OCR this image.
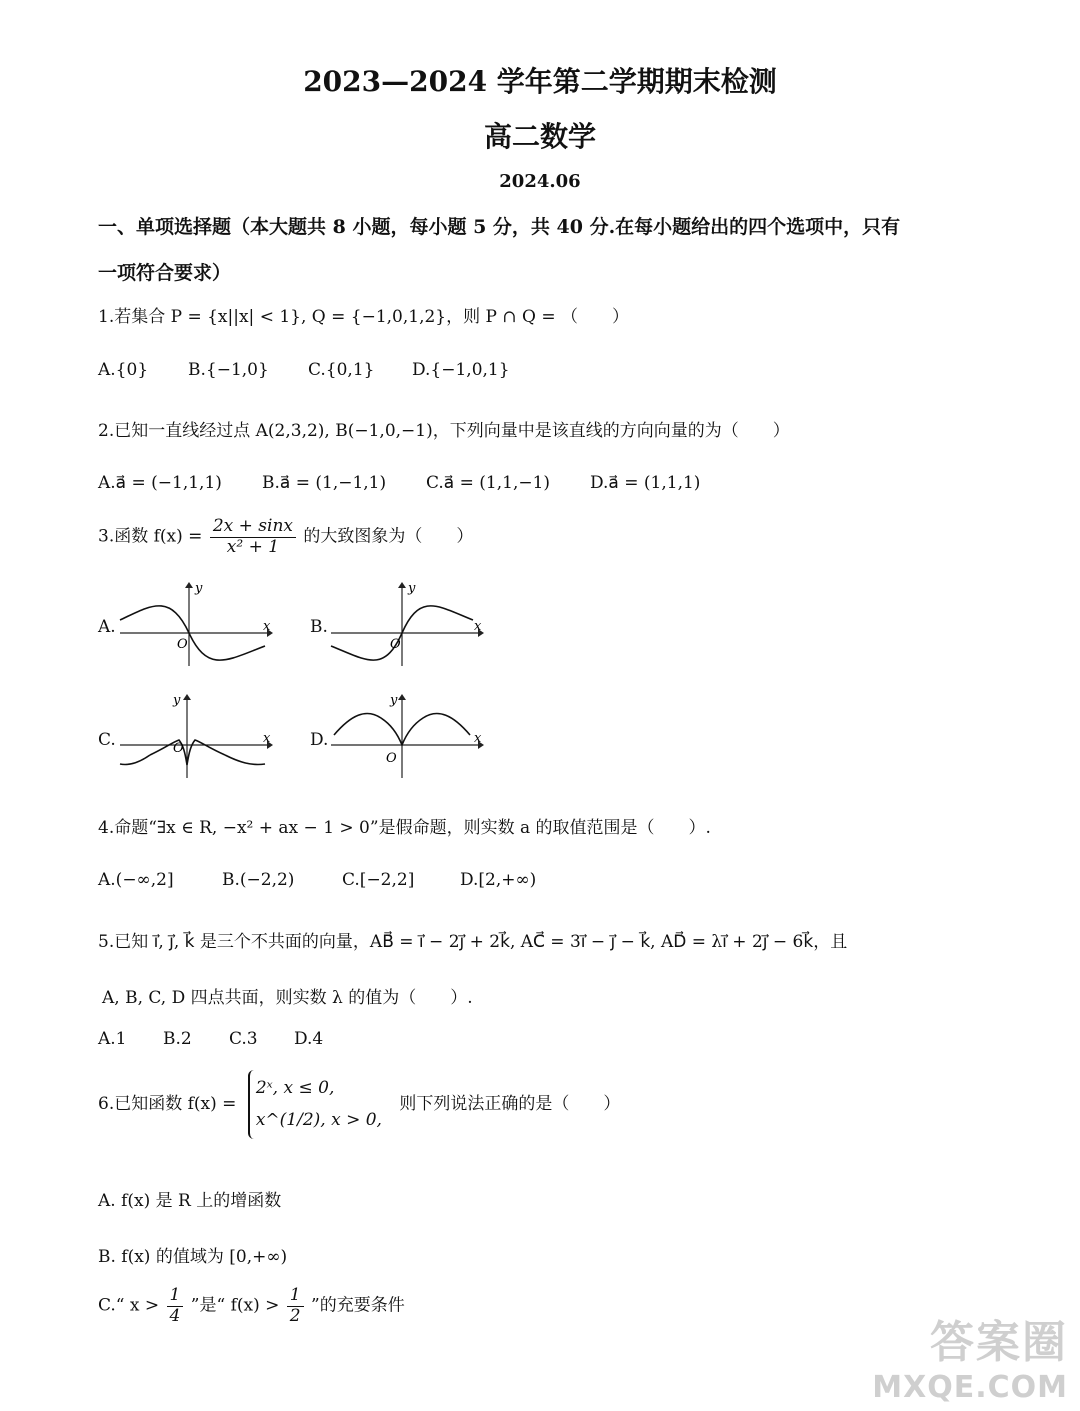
2023—2024 学年第二学期期末检测
高二数学
2024.06
一、单项选择题（本大题共 8 小题，每小题 5 分，共 40 分.在每小题给出的四个选项中，只有
一项符合要求）
1.若集合 P = {x||x| < 1}, Q = {−1,0,1,2}，则 P ∩ Q = （　　）
A.{0} B.{−1,0} C.{0,1} D.{−1,0,1}
2.已知一直线经过点 A(2,3,2), B(−1,0,−1)，下列向量中是该直线的方向向量的为（　　）
A.a⃗ = (−1,1,1) B.a⃗ = (1,−1,1) C.a⃗ = (1,1,−1) D.a⃗ = (1,1,1)
3.函数 $f(x) = \frac{2x + \sin x}{\text{x² + 1}}$ 的大致图象为（　　）
A.
y
x
O
B.
y
x
O
C.
y
x
O	D.
y
x
O
4.命题“∃x ∈ R, −x² + ax − 1 > 0”是假命题，则实数 a 的取值范围是（　　）.
A.(−∞,2]	B.(−2,2)	C.[−2,2]	D.[2,+∞)
5.已知 i⃗, j⃗, k⃗ 是三个不共面的向量，AB⃗ = i⃗ − 2j⃗ + 2k⃗, AC⃗ = 3i⃗ − j⃗ − k⃗, AD⃗ = λi⃗ + 2j⃗ − 6k⃗，且
A, B, C, D 四点共面，则实数 λ 的值为（　　）.
A.1 B.2 C.3 D.4
6.已知函数 f(x) =
2ˣ, x ≤ 0,
x^(1/2), x > 0,
则下列说法正确的是（　　）
A. f(x) 是 R 上的增函数
B. f(x) 的值域为 [0,+∞)
C.“ $x > \frac{1}{4}$ ”是“ $f(x) > \frac{1}{2}$ ”的充要条件
答案圈
MXQE.COM
